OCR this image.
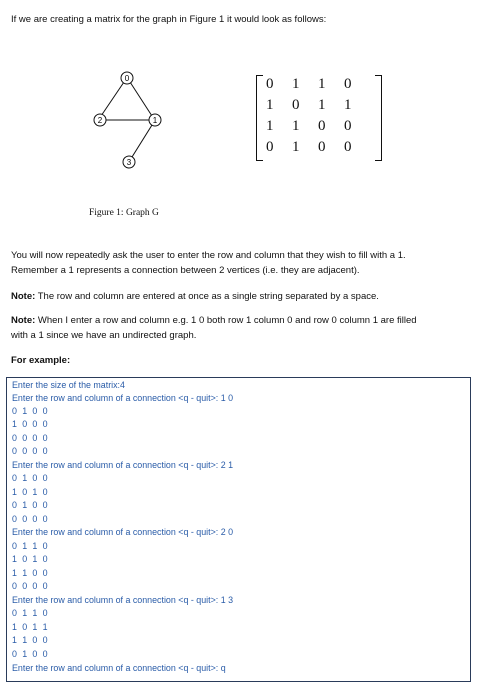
If we are creating a matrix for the graph in Figure 1 it would look as follows:
0
1
2
3
0	1	1	0
1	0	1	1
1	1	0	0
0	1	0	0
Figure 1: Graph G
You will now repeatedly ask the user to enter the row and column that they wish to fill with a 1.
Remember a 1 represents a connection between 2 vertices (i.e. they are adjacent).
Note: The row and column are entered at once as a single string separated by a space.
Note: When I enter a row and column e.g. 1 0 both row 1 column 0 and row 0 column 1 are filled
with a 1 since we have an undirected graph.
For example:
Enter the size of the matrix:4
Enter the row and column of a connection <q - quit>: 1 0
0 1 0 0
1 0 0 0
0 0 0 0
0 0 0 0
Enter the row and column of a connection <q - quit>: 2 1
0 1 0 0
1 0 1 0
0 1 0 0
0 0 0 0
Enter the row and column of a connection <q - quit>: 2 0
0 1 1 0
1 0 1 0
1 1 0 0
0 0 0 0
Enter the row and column of a connection <q - quit>: 1 3
0 1 1 0
1 0 1 1
1 1 0 0
0 1 0 0
Enter the row and column of a connection <q - quit>: q
